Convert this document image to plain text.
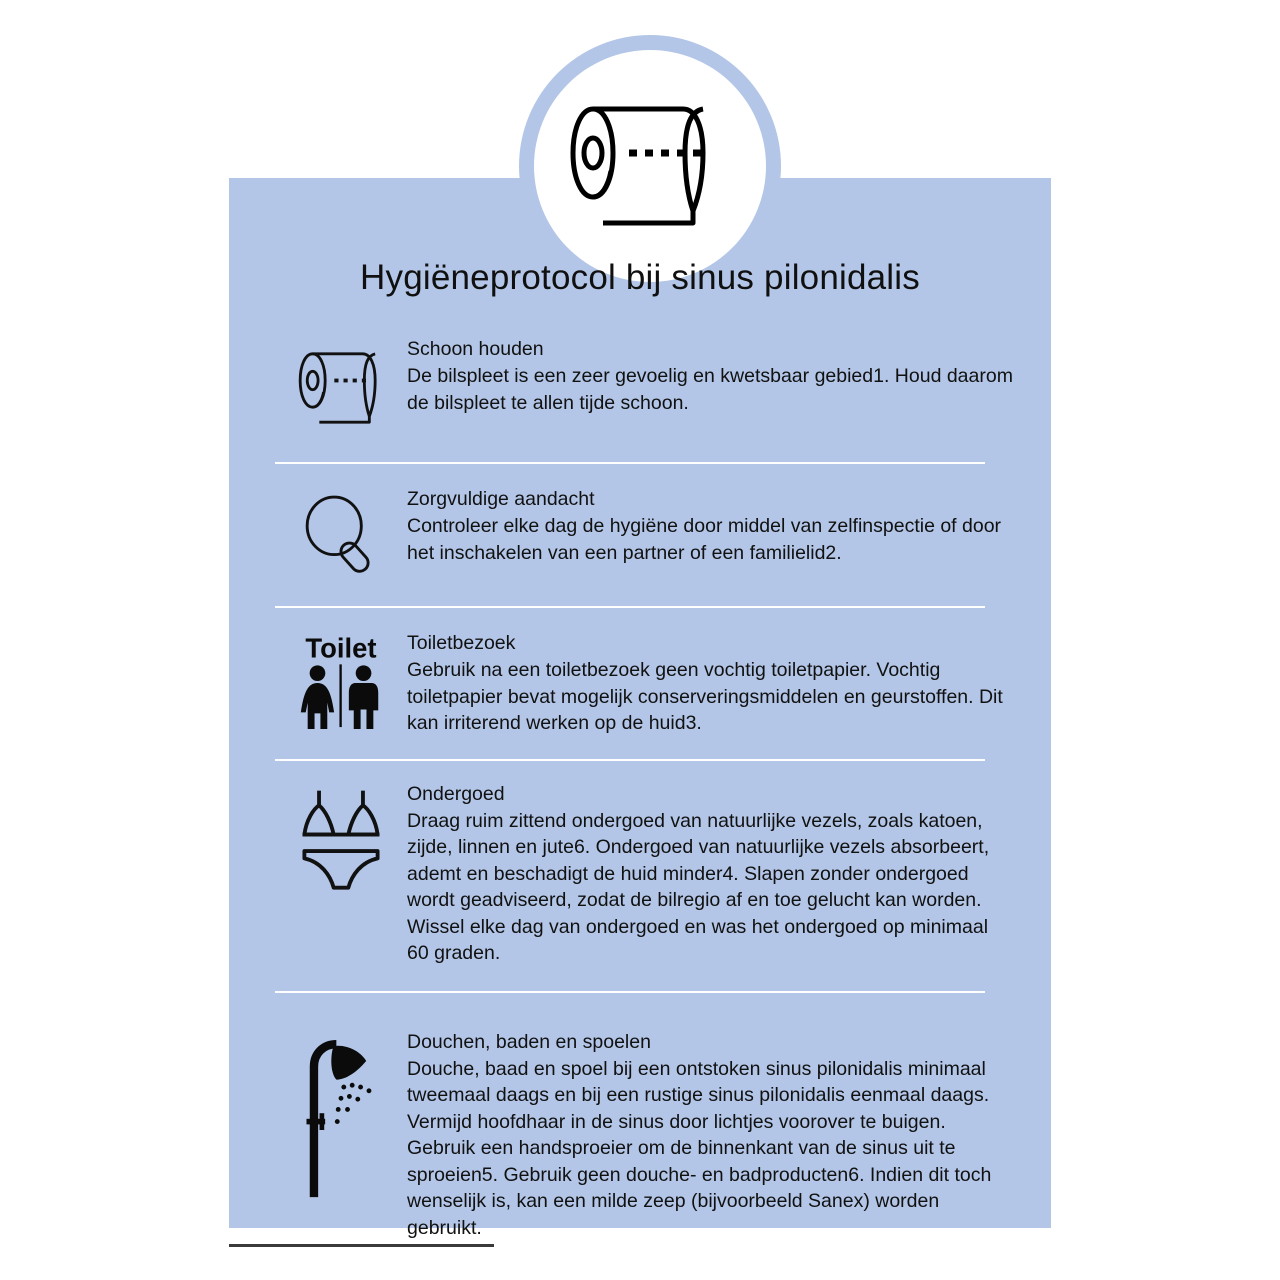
Hygiëneprotocol bij sinus pilonidalis

Schoon houden

De bilspleet is een zeer gevoelig en kwetsbaar gebied1. Houd daarom de bilspleet te allen tijde schoon.

Zorgvuldige aandacht

Controleer elke dag de hygiëne door middel van zelfinspectie of door het inschakelen van een partner of een familielid2.

Toilet Toiletbezoek

Gebruik na een toiletbezoek geen vochtig toiletpapier. Vochtig toiletpapier bevat mogelijk conserveringsmiddelen en geurstoffen. Dit kan irriterend werken op de huid3.

Ondergoed

Draag ruim zittend ondergoed van natuurlijke vezels, zoals katoen, zijde, linnen en jute6. Ondergoed van natuurlijke vezels absorbeert, ademt en beschadigt de huid minder4. Slapen zonder ondergoed wordt geadviseerd, zodat de bilregio af en toe gelucht kan worden. Wissel elke dag van ondergoed en was het ondergoed op minimaal 60 graden.

Douchen, baden en spoelen

Douche, baad en spoel bij een ontstoken sinus pilonidalis minimaal tweemaal daags en bij een rustige sinus pilonidalis eenmaal daags. Vermijd hoofdhaar in de sinus door lichtjes voorover te buigen. Gebruik een handsproeier om de binnenkant van de sinus uit te sproeien5. Gebruik geen douche- en badproducten6. Indien dit toch wenselijk is, kan een milde zeep (bijvoorbeeld Sanex) worden gebruikt.
